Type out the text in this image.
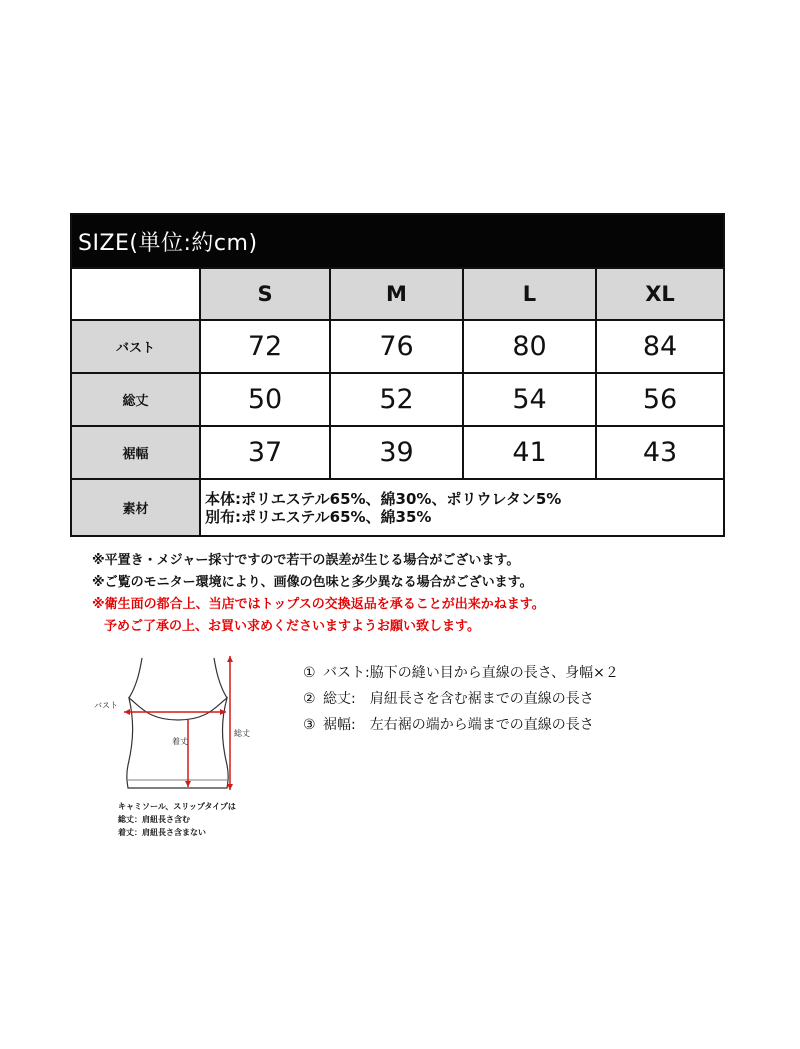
SIZE(単位:約cm)
S	M	L	XL
バスト	72	76	80	84
総丈	50	52	54	56
裾幅	37	39	41	43
素材
本体:ポリエステル65%、綿30%、ポリウレタン5%
別布:ポリエステル65%、綿35%
※平置き・メジャー採寸ですので若干の誤差が生じる場合がございます。
※ご覧のモニター環境により、画像の色味と多少異なる場合がございます。
※衛生面の都合上、当店ではトップスの交換返品を承ることが出来かねます。
予めご了承の上、お買い求めくださいますようお願い致します。
バスト
着丈
総丈
キャミソール、スリップタイプは
総丈：肩紐長さ含む
着丈：肩紐長さ含まない
① バスト:脇下の縫い目から直線の長さ、身幅×２
② 総丈:　肩紐長さを含む裾までの直線の長さ
③ 裾幅:　左右裾の端から端までの直線の長さ
